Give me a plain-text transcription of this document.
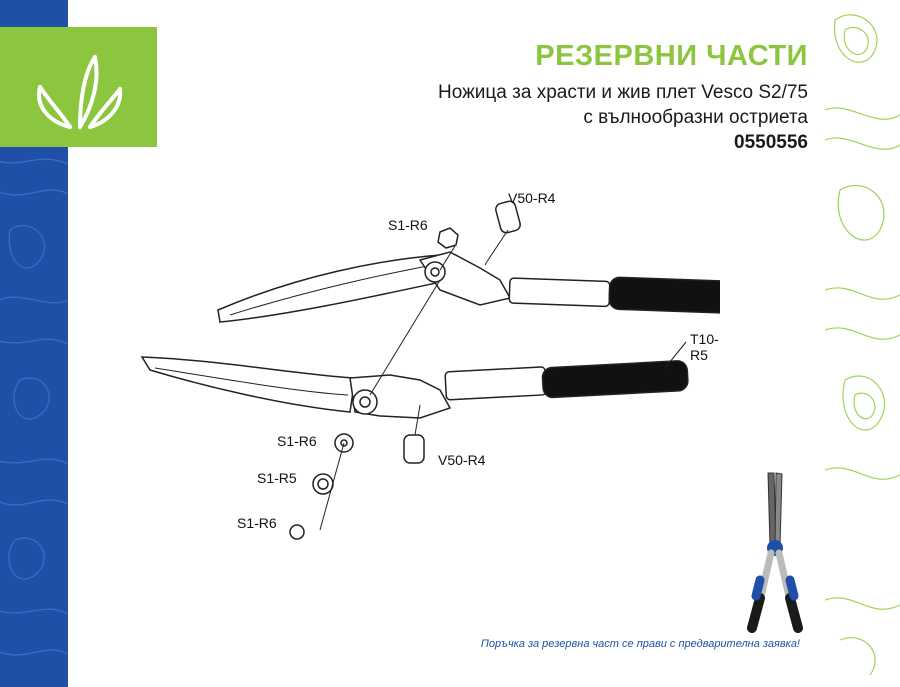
РЕЗЕРВНИ ЧАСТИ
Ножица за храсти и жив плет Vesco S2/75
с вълнообразни остриета
0550556
V50-R4
S1-R6
T10-R5
S1-R6
V50-R4
S1-R5
S1-R6
Поръчка за резервна част се прави с предварителна заявка!
